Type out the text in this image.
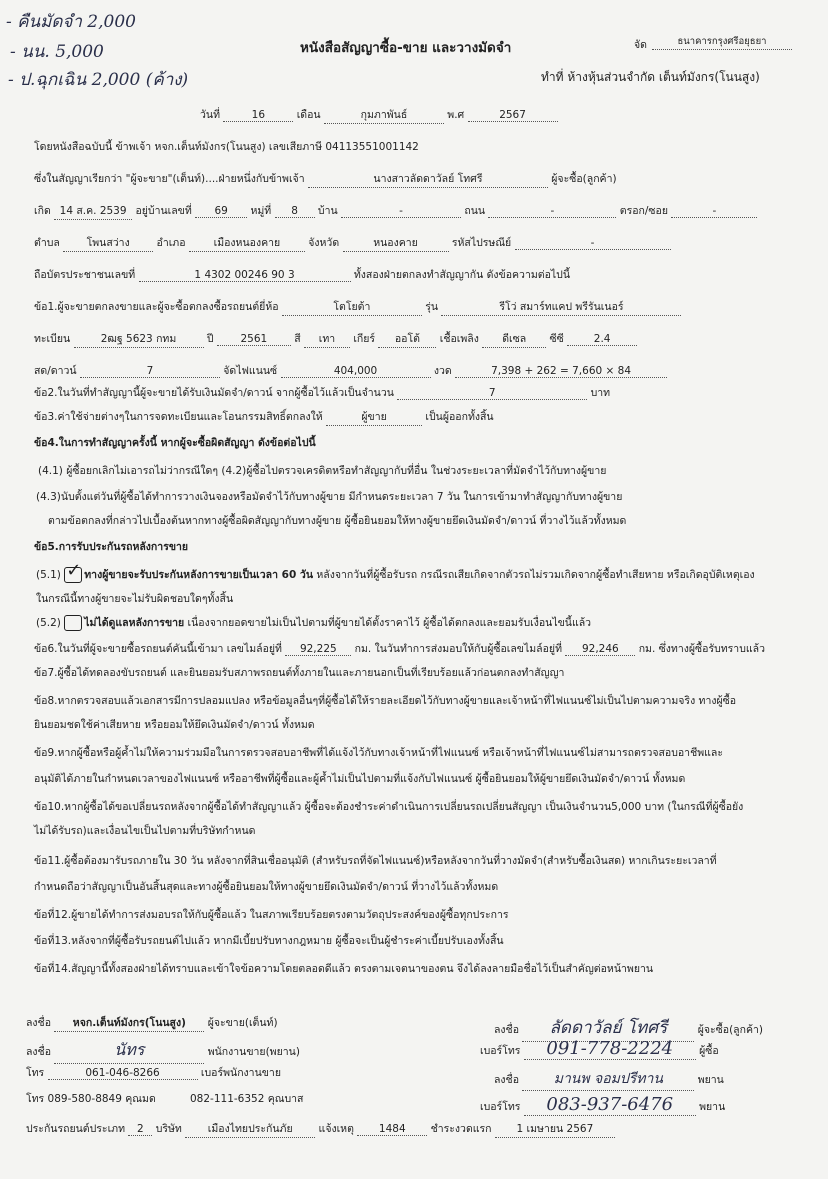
- คืนมัดจำ 2,000
- นน. 5,000
- ป.ฉุกเฉิน 2,000 (ค้าง)
หนังสือสัญญาซื้อ-ขาย และวางมัดจำ	จัด	ธนาคารกรุงศรีอยุธยา
ทำที่ ห้างหุ้นส่วนจำกัด เต็นท์มังกร(โนนสูง)
วันที่	16	เดือน	กุมภาพันธ์	พ.ศ	2567
โดยหนังสือฉบับนี้ ข้าพเจ้า หจก.เต็นท์มังกร(โนนสูง) เลขเสียภาษี 04113551001142
ซึ่งในสัญญาเรียกว่า "ผู้จะขาย"(เต็นท์)....ฝ่ายหนึ่งกับข้าพเจ้า	นางสาวลัดดาวัลย์ โทศรี	ผู้จะซื้อ(ลูกค้า)
เกิด 14 ส.ค. 2539 อยู่บ้านเลขที่ 69 หมู่ที่ 8 บ้าน	-	ถนน	-	ตรอก/ซอย	-
ตำบล	โพนสว่าง	อำเภอ	เมืองหนองคาย	จังหวัด	หนองคาย	รหัสไปรษณีย์	-
ถือบัตรประชาชนเลขที่	1 4302 00246 90 3	ทั้งสองฝ่ายตกลงทำสัญญากัน ดังข้อความต่อไปนี้
ข้อ1.ผู้จะขายตกลงขายและผู้จะซื้อตกลงซื้อรถยนต์ยี่ห้อ	โตโยต้า	รุ่น	รีโว่ สมาร์ทแคป พรีรันเนอร์
ทะเบียน	2ฒฐ 5623 กทม	ปี	2561	สี เทา เกียร์ ออโต้ เชื้อเพลิง ดีเซล ซีซี	2.4
สด/ดาวน์	7	จัดไฟแนนซ์	404,000	งวด	7,398 + 262 = 7,660 × 84
ข้อ2.ในวันที่ทำสัญญานี้ผู้จะขายได้รับเงินมัดจำ/ดาวน์ จากผู้ซื้อไว้แล้วเป็นจำนวน	7	บาท
ข้อ3.ค่าใช้จ่ายต่างๆในการจดทะเบียนและโอนกรรมสิทธิ์ตกลงให้	ผู้ขาย	เป็นผู้ออกทั้งสิ้น
ข้อ4.ในการทำสัญญาครั้งนี้ หากผู้จะซื้อผิดสัญญา ดังข้อต่อไปนี้
(4.1) ผู้ซื้อยกเลิกไม่เอารถไม่ว่ากรณีใดๆ (4.2)ผู้ซื้อไปตรวจเครดิตหรือทำสัญญากับที่อื่น ในช่วงระยะเวลาที่มัดจำไว้กับทางผู้ขาย
(4.3)นับตั้งแต่วันที่ผู้ซื้อได้ทำการวางเงินจองหรือมัดจำไว้กับทางผู้ขาย มีกำหนดระยะเวลา 7 วัน ในการเข้ามาทำสัญญากับทางผู้ขาย
ตามข้อตกลงที่กล่าวไปเบื้องต้นหากทางผู้ซื้อผิดสัญญากับทางผู้ขาย ผู้ซื้อยินยอมให้ทางผู้ขายยึดเงินมัดจำ/ดาวน์ ที่วางไว้แล้วทั้งหมด
ข้อ5.การรับประกันรถหลังการขาย
(5.1) ✓ ทางผู้ขายจะรับประกันหลังการขายเป็นเวลา 60 วัน หลังจากวันที่ผู้ซื้อรับรถ กรณีรถเสียเกิดจากตัวรถไม่รวมเกิดจากผู้ซื้อทำเสียหาย หรือเกิดอุบัติเหตุเอง
ในกรณีนี้ทางผู้ขายจะไม่รับผิดชอบใดๆทั้งสิ้น
(5.2) ไม่ได้ดูแลหลังการขาย เนื่องจากยอดขายไม่เป็นไปตามที่ผู้ขายได้ตั้งราคาไว้ ผู้ซื้อได้ตกลงและยอมรับเงื่อนไขนี้แล้ว
ข้อ6.ในวันที่ผู้จะขายซื้อรถยนต์คันนี้เข้ามา เลขไมล์อยู่ที่ 92,225 กม. ในวันทำการส่งมอบให้กับผู้ซื้อเลขไมล์อยู่ที่ 92,246 กม. ซึ่งทางผู้ซื้อรับทราบแล้ว
ข้อ7.ผู้ซื้อได้ทดลองขับรถยนต์ และยินยอมรับสภาพรถยนต์ทั้งภายในและภายนอกเป็นที่เรียบร้อยแล้วก่อนตกลงทำสัญญา
ข้อ8.หากตรวจสอบแล้วเอกสารมีการปลอมแปลง หรือข้อมูลอื่นๆที่ผู้ซื้อได้ให้รายละเอียดไว้กับทางผู้ขายและเจ้าหน้าที่ไฟแนนซ์ไม่เป็นไปตามความจริง ทางผู้ซื้อ
ยินยอมชดใช้ค่าเสียหาย หรือยอมให้ยึดเงินมัดจำ/ดาวน์ ทั้งหมด
ข้อ9.หากผู้ซื้อหรือผู้ค้ำไม่ให้ความร่วมมือในการตรวจสอบอาชีพที่ได้แจ้งไว้กับทางเจ้าหน้าที่ไฟแนนซ์ หรือเจ้าหน้าที่ไฟแนนซ์ไม่สามารถตรวจสอบอาชีพและ
อนุมัติได้ภายในกำหนดเวลาของไฟแนนซ์ หรืออาชีพที่ผู้ซื้อและผู้ค้ำไม่เป็นไปตามที่แจ้งกับไฟแนนซ์ ผู้ซื้อยินยอมให้ผู้ขายยึดเงินมัดจำ/ดาวน์ ทั้งหมด
ข้อ10.หากผู้ซื้อได้ขอเปลี่ยนรถหลังจากผู้ซื้อได้ทำสัญญาแล้ว ผู้ซื้อจะต้องชำระค่าดำเนินการเปลี่ยนรถเปลี่ยนสัญญา เป็นเงินจำนวน5,000 บาท (ในกรณีที่ผู้ซื้อยัง
ไม่ได้รับรถ)และเงื่อนไขเป็นไปตามที่บริษัทกำหนด
ข้อ11.ผู้ซื้อต้องมารับรถภายใน 30 วัน หลังจากที่สินเชื่ออนุมัติ (สำหรับรถที่จัดไฟแนนซ์)หรือหลังจากวันที่วางมัดจำ(สำหรับซื้อเงินสด) หากเกินระยะเวลาที่
กำหนดถือว่าสัญญาเป็นอันสิ้นสุดและทางผู้ซื้อยินยอมให้ทางผู้ขายยึดเงินมัดจำ/ดาวน์ ที่วางไว้แล้วทั้งหมด
ข้อที่12.ผู้ขายได้ทำการส่งมอบรถให้กับผู้ซื้อแล้ว ในสภาพเรียบร้อยตรงตามวัตถุประสงค์ของผู้ซื้อทุกประการ
ข้อที่13.หลังจากที่ผู้ซื้อรับรถยนต์ไปแล้ว หากมีเบี้ยปรับทางกฎหมาย ผู้ซื้อจะเป็นผู้ชำระค่าเบี้ยปรับเองทั้งสิ้น
ข้อที่14.สัญญานี้ทั้งสองฝ่ายได้ทราบและเข้าใจข้อความโดยตลอดดีแล้ว ตรงตามเจตนาของตน จึงได้ลงลายมือชื่อไว้เป็นสำคัญต่อหน้าพยาน
ลงชื่อ หจก.เต็นท์มังกร(โนนสูง) ผู้จะขาย(เต็นท์)
ลงชื่อ	นัทร	พนักงานขาย(พยาน)
โทร	061-046-8266	เบอร์พนักงานขาย
โทร 089-580-8849 คุณมด	082-111-6352 คุณบาส
ลงชื่อ ลัดดาวัลย์ โทศรี	ผู้จะซื้อ(ลูกค้า)
เบอร์โทร 091-778-2224 ผู้ซื้อ
ลงชื่อ มานพ จอมปรีทาน	พยาน
เบอร์โทร 083-937-6476 พยาน
ประกันรถยนต์ประเภท 2 บริษัท เมืองไทยประกันภัย แจ้งเหตุ 1484 ชำระงวดแรก 1 เมษายน 2567
